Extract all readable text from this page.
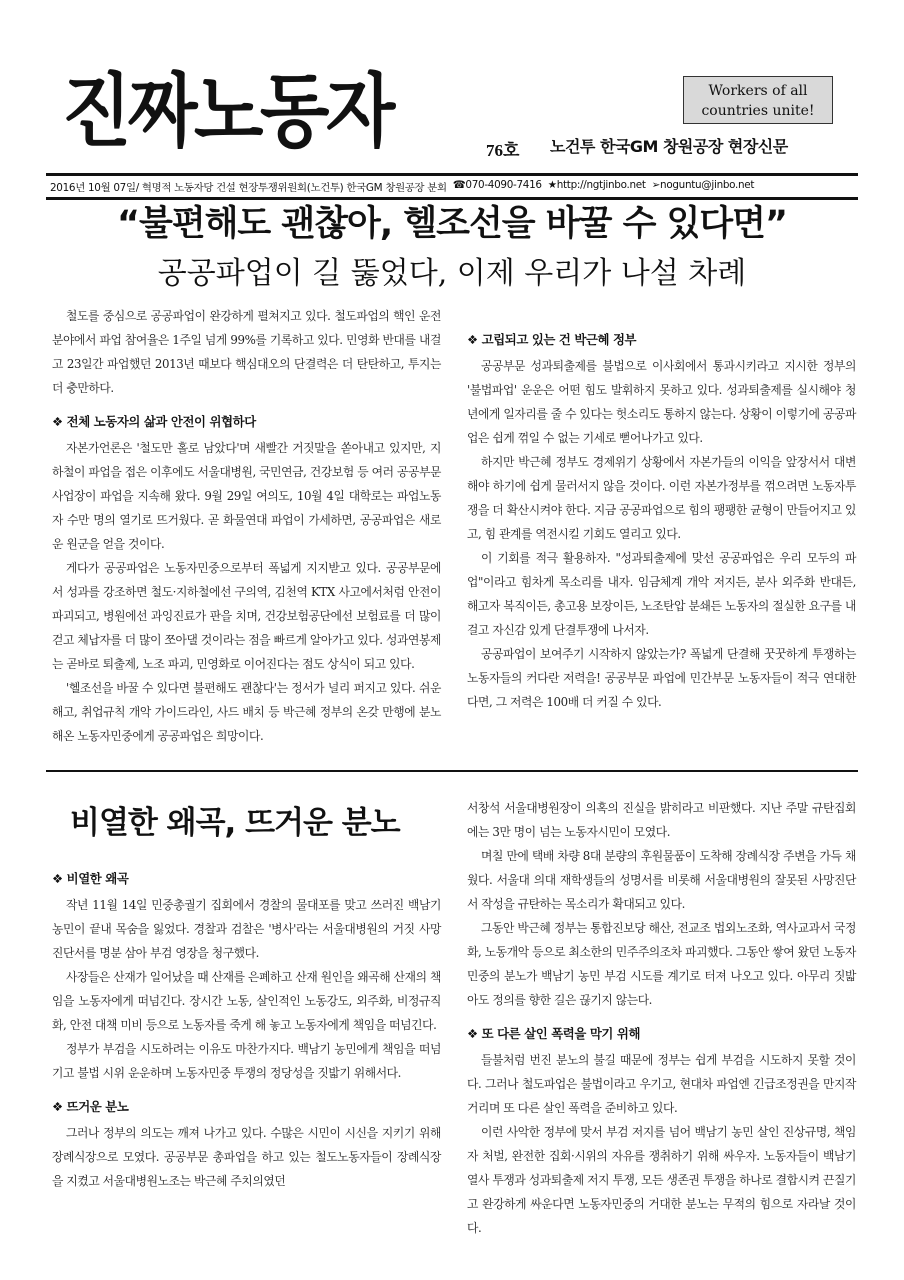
진짜노동자	Workers of all
countries unite!
76호 노건투 한국GM 창원공장 현장신문
2016년 10월 07일/ 혁명적 노동자당 건설 현장투쟁위원회(노건투) 한국GM 창원공장 분회 ☎070-4090-7416 ★http://ngtjinbo.net ➢noguntu@jinbo.net
“불편해도 괜찮아, 헬조선을 바꿀 수 있다면”
공공파업이 길 뚫었다, 이제 우리가 나설 차례

철도를 중심으로 공공파업이 완강하게 펼쳐지고 있다. 철도파업의 핵인 운전 분야에서 파업 참여율은 1주일 넘게 99%를 기록하고 있다. 민영화 반대를 내걸고 23일간 파업했던 2013년 때보다 핵심대오의 단결력은 더 탄탄하고, 투지는 더 충만하다.

❖ 전체 노동자의 삶과 안전이 위협하다

자본가언론은 '철도만 홀로 남았다'며 새빨간 거짓말을 쏟아내고 있지만, 지하철이 파업을 접은 이후에도 서울대병원, 국민연금, 건강보험 등 여러 공공부문 사업장이 파업을 지속해 왔다. 9월 29일 여의도, 10월 4일 대학로는 파업노동자 수만 명의 열기로 뜨거웠다. 곧 화물연대 파업이 가세하면, 공공파업은 새로운 원군을 얻을 것이다.

게다가 공공파업은 노동자민중으로부터 폭넓게 지지받고 있다. 공공부문에서 성과를 강조하면 철도·지하철에선 구의역, 김천역 KTX 사고에서처럼 안전이 파괴되고, 병원에선 과잉진료가 판을 치며, 건강보험공단에선 보험료를 더 많이 걷고 체납자를 더 많이 쪼아댈 것이라는 점을 빠르게 알아가고 있다. 성과연봉제는 곧바로 퇴출제, 노조 파괴, 민영화로 이어진다는 점도 상식이 되고 있다.

'헬조선을 바꿀 수 있다면 불편해도 괜찮다'는 정서가 널리 퍼지고 있다. 쉬운 해고, 취업규칙 개악 가이드라인, 사드 배치 등 박근혜 정부의 온갖 만행에 분노해온 노동자민중에게 공공파업은 희망이다.

❖ 고립되고 있는 건 박근혜 정부

공공부문 성과퇴출제를 불법으로 이사회에서 통과시키라고 지시한 정부의 '불법파업' 운운은 어떤 힘도 발휘하지 못하고 있다. 성과퇴출제를 실시해야 청년에게 일자리를 줄 수 있다는 헛소리도 통하지 않는다. 상황이 이렇기에 공공파업은 쉽게 꺾일 수 없는 기세로 뻗어나가고 있다.

하지만 박근혜 정부도 경제위기 상황에서 자본가들의 이익을 앞장서서 대변해야 하기에 쉽게 물러서지 않을 것이다. 이런 자본가정부를 꺾으려면 노동자투쟁을 더 확산시켜야 한다. 지금 공공파업으로 힘의 팽팽한 균형이 만들어지고 있고, 힘 관계를 역전시킬 기회도 열리고 있다.

이 기회를 적극 활용하자. "성과퇴출제에 맞선 공공파업은 우리 모두의 파업"이라고 힘차게 목소리를 내자. 임금체계 개악 저지든, 분사 외주화 반대든, 해고자 복직이든, 총고용 보장이든, 노조탄압 분쇄든 노동자의 절실한 요구를 내걸고 자신감 있게 단결투쟁에 나서자.

공공파업이 보여주기 시작하지 않았는가? 폭넓게 단결해 꿋꿋하게 투쟁하는 노동자들의 커다란 저력을! 공공부문 파업에 민간부문 노동자들이 적극 연대한다면, 그 저력은 100배 더 커질 수 있다.

비열한 왜곡, 뜨거운 분노

❖ 비열한 왜곡

작년 11월 14일 민중총궐기 집회에서 경찰의 물대포를 맞고 쓰러진 백남기 농민이 끝내 목숨을 잃었다. 경찰과 검찰은 '병사'라는 서울대병원의 거짓 사망진단서를 명분 삼아 부검 영장을 청구했다.

사장들은 산재가 일어났을 때 산재를 은폐하고 산재 원인을 왜곡해 산재의 책임을 노동자에게 떠넘긴다. 장시간 노동, 살인적인 노동강도, 외주화, 비정규직화, 안전 대책 미비 등으로 노동자를 죽게 해 놓고 노동자에게 책임을 떠넘긴다.

정부가 부검을 시도하려는 이유도 마찬가지다. 백남기 농민에게 책임을 떠넘기고 불법 시위 운운하며 노동자민중 투쟁의 정당성을 짓밟기 위해서다.

❖ 뜨거운 분노

그러나 정부의 의도는 깨져 나가고 있다. 수많은 시민이 시신을 지키기 위해 장례식장으로 모였다. 공공부문 총파업을 하고 있는 철도노동자들이 장례식장을 지켰고 서울대병원노조는 박근혜 주치의였던

서창석 서울대병원장이 의혹의 진실을 밝히라고 비판했다. 지난 주말 규탄집회에는 3만 명이 넘는 노동자시민이 모였다.

며칠 만에 택배 차량 8대 분량의 후원물품이 도착해 장례식장 주변을 가득 채웠다. 서울대 의대 재학생들의 성명서를 비롯해 서울대병원의 잘못된 사망진단서 작성을 규탄하는 목소리가 확대되고 있다.

그동안 박근혜 정부는 통합진보당 해산, 전교조 법외노조화, 역사교과서 국정화, 노동개악 등으로 최소한의 민주주의조차 파괴했다. 그동안 쌓여 왔던 노동자민중의 분노가 백남기 농민 부검 시도를 계기로 터져 나오고 있다. 아무리 짓밟아도 정의를 향한 길은 끊기지 않는다.

❖ 또 다른 살인 폭력을 막기 위해

들불처럼 번진 분노의 불길 때문에 정부는 쉽게 부검을 시도하지 못할 것이다. 그러나 철도파업은 불법이라고 우기고, 현대차 파업엔 긴급조정권을 만지작거리며 또 다른 살인 폭력을 준비하고 있다.

이런 사악한 정부에 맞서 부검 저지를 넘어 백남기 농민 살인 진상규명, 책임자 처벌, 완전한 집회·시위의 자유를 쟁취하기 위해 싸우자. 노동자들이 백남기 열사 투쟁과 성과퇴출제 저지 투쟁, 모든 생존권 투쟁을 하나로 결합시켜 끈질기고 완강하게 싸운다면 노동자민중의 거대한 분노는 무적의 힘으로 자라날 것이다.
